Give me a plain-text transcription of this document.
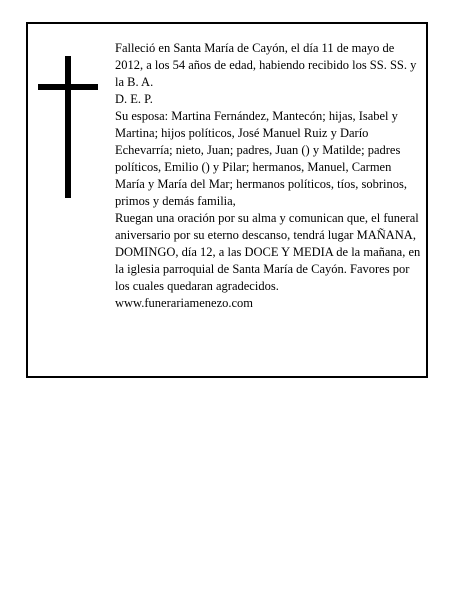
Falleció en Santa María de Cayón, el día 11 de mayo de 2012, a los 54 años de edad, habiendo recibido los SS. SS. y la B. A.

D. E. P.

Su esposa: Martina Fernández, Mantecón; hijas, Isabel y Martina; hijos políticos, José Manuel Ruiz y Darío Echevarría; nieto, Juan; padres, Juan () y Matilde; padres políticos, Emilio () y Pilar; hermanos, Manuel, Carmen María y María del Mar; hermanos políticos, tíos, sobrinos, primos y demás familia,

Ruegan una oración por su alma y comunican que, el funeral aniversario por su eterno descanso, tendrá lugar MAÑANA, DOMINGO, día 12, a las DOCE Y MEDIA de la mañana, en la iglesia parroquial de Santa María de Cayón. Favores por los cuales quedaran agradecidos.

www.funerariamenezo.com
